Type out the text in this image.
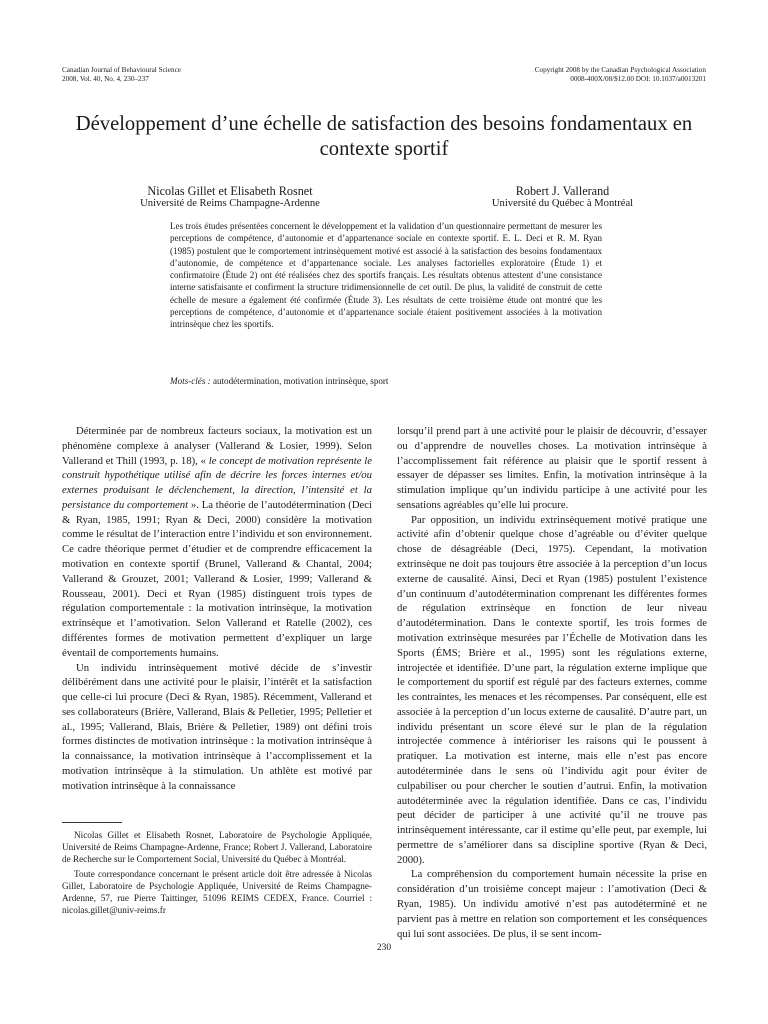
Canadian Journal of Behavioural Science
2008, Vol. 40, No. 4, 230–237
Copyright 2008 by the Canadian Psychological Association
0008-400X/08/$12.00 DOI: 10.1037/a0013201
Développement d’une échelle de satisfaction des besoins fondamentaux en contexte sportif
Nicolas Gillet et Elisabeth Rosnet
Université de Reims Champagne-Ardenne
Robert J. Vallerand
Université du Québec à Montréal
Les trois études présentées concernent le développement et la validation d’un questionnaire permettant de mesurer les perceptions de compétence, d’autonomie et d’appartenance sociale en contexte sportif. E. L. Deci et R. M. Ryan (1985) postulent que le comportement intrinsèquement motivé est associé à la satisfaction des besoins fondamentaux d’autonomie, de compétence et d’appartenance sociale. Les analyses factorielles exploratoire (Étude 1) et confirmatoire (Étude 2) ont été réalisées chez des sportifs français. Les résultats obtenus attestent d’une consistance interne satisfaisante et confirment la structure tridimensionnelle de cet outil. De plus, la validité de construit de cette échelle de mesure a également été confirmée (Étude 3). Les résultats de cette troisième étude ont montré que les perceptions de compétence, d’autonomie et d’appartenance sociale étaient positivement associées à la motivation intrinsèque chez les sportifs.
Mots-clés : autodétermination, motivation intrinsèque, sport

Déterminée par de nombreux facteurs sociaux, la motivation est un phénomène complexe à analyser (Vallerand & Losier, 1999). Selon Vallerand et Thill (1993, p. 18), « le concept de motivation représente le construit hypothétique utilisé afin de décrire les forces internes et/ou externes produisant le déclenchement, la direction, l’intensité et la persistance du comportement ». La théorie de l’autodétermination (Deci & Ryan, 1985, 1991; Ryan & Deci, 2000) considère la motivation comme le résultat de l’interaction entre l’individu et son environnement. Ce cadre théorique permet d’étudier et de comprendre efficacement la motivation en contexte sportif (Brunel, Vallerand & Chantal, 2004; Vallerand & Grouzet, 2001; Vallerand & Losier, 1999; Vallerand & Rousseau, 2001). Deci et Ryan (1985) distinguent trois types de régulation comportementale : la motivation intrinsèque, la motivation extrinsèque et l’amotivation. Selon Vallerand et Ratelle (2002), ces différentes formes de motivation permettent d’expliquer un large éventail de comportements humains.

Un individu intrinsèquement motivé décide de s’investir délibérément dans une activité pour le plaisir, l’intérêt et la satisfaction que celle-ci lui procure (Deci & Ryan, 1985). Récemment, Vallerand et ses collaborateurs (Brière, Vallerand, Blais & Pelletier, 1995; Pelletier et al., 1995; Vallerand, Blais, Brière & Pelletier, 1989) ont défini trois formes distinctes de motivation intrinsèque : la motivation intrinsèque à la connaissance, la motivation intrinsèque à l’accomplissement et la motivation intrinsèque à la stimulation. Un athlète est motivé par motivation intrinsèque à la connaissance

lorsqu’il prend part à une activité pour le plaisir de découvrir, d’essayer ou d’apprendre de nouvelles choses. La motivation intrinsèque à l’accomplissement fait référence au plaisir que le sportif ressent à essayer de dépasser ses limites. Enfin, la motivation intrinsèque à la stimulation implique qu’un individu participe à une activité pour les sensations agréables qu’elle lui procure.

Par opposition, un individu extrinsèquement motivé pratique une activité afin d’obtenir quelque chose d’agréable ou d’éviter quelque chose de désagréable (Deci, 1975). Cependant, la motivation extrinsèque ne doit pas toujours être associée à la perception d’un locus externe de causalité. Ainsi, Deci et Ryan (1985) postulent l’existence d’un continuum d’autodétermination comprenant les différentes formes de régulation extrinsèque en fonction de leur niveau d’autodétermination. Dans le contexte sportif, les trois formes de motivation extrinsèque mesurées par l’Échelle de Motivation dans les Sports (ÉMS; Brière et al., 1995) sont les régulations externe, introjectée et identifiée. D’une part, la régulation externe implique que le comportement du sportif est régulé par des facteurs externes, comme les contraintes, les menaces et les récompenses. Par conséquent, elle est associée à la perception d’un locus externe de causalité. D’autre part, un individu présentant un score élevé sur le plan de la régulation introjectée commence à intérioriser les raisons qui le poussent à pratiquer. La motivation est interne, mais elle n’est pas encore autodéterminée dans le sens où l’individu agit pour éviter de culpabiliser ou pour chercher le soutien d’autrui. Enfin, la motivation autodéterminée avec la régulation identifiée. Dans ce cas, l’individu peut décider de participer à une activité qu’il ne trouve pas intrinsèquement intéressante, car il estime qu’elle peut, par exemple, lui permettre de s’améliorer dans sa discipline sportive (Ryan & Deci, 2000).

La compréhension du comportement humain nécessite la prise en considération d’un troisième concept majeur : l’amotivation (Deci & Ryan, 1985). Un individu amotivé n’est pas autodéterminé et ne parvient pas à mettre en relation son comportement et les conséquences qui lui sont associées. De plus, il se sent incom-

Nicolas Gillet et Elisabeth Rosnet, Laboratoire de Psychologie Appliquée, Université de Reims Champagne-Ardenne, France; Robert J. Vallerand, Laboratoire de Recherche sur le Comportement Social, Université du Québec à Montréal.

Toute correspondance concernant le présent article doit être adressée à Nicolas Gillet, Laboratoire de Psychologie Appliquée, Université de Reims Champagne-Ardenne, 57, rue Pierre Taittinger, 51096 REIMS CEDEX, France. Courriel : nicolas.gillet@univ-reims.fr

230
